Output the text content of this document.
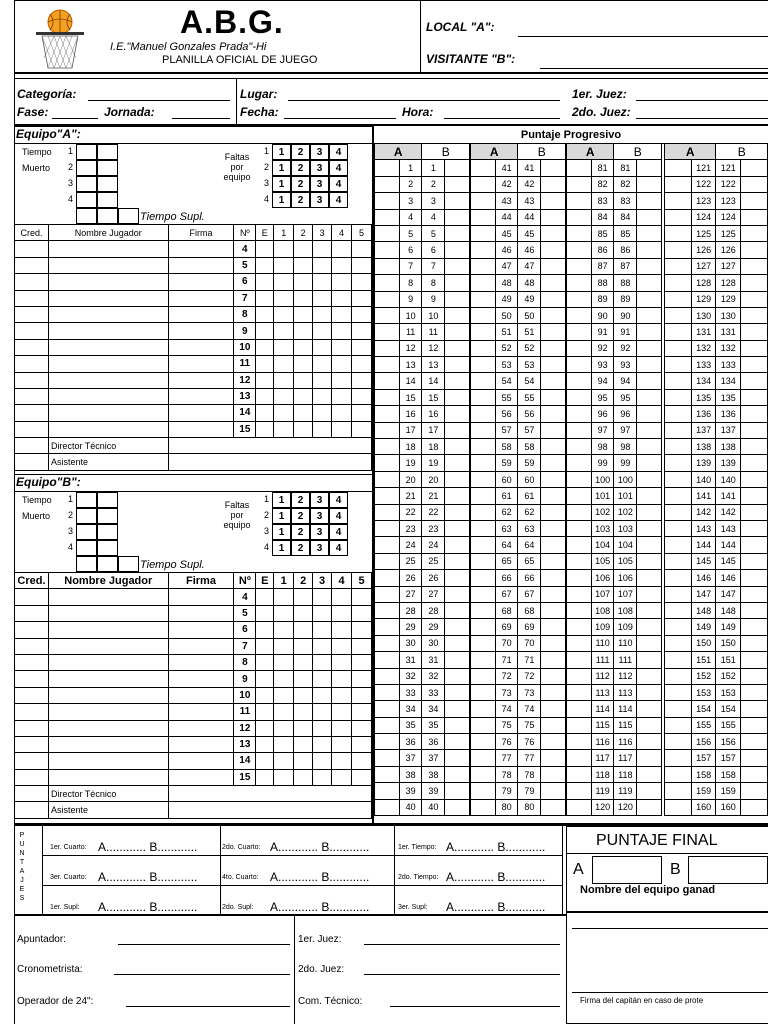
A.B.G.
I.E."Manuel Gonzales Prada"-Hi
PLANILLA OFICIAL DE JUEGO
LOCAL "A":
VISITANTE "B":
Categoría:
Fase:	Jornada:
Lugar:
Fecha:	Hora:
1er. Juez:
2do. Juez:
Equipo"A":
Tiempo
Muerto
1
2
3
4
Tiempo Supl.
Faltas
por
equipo
1 1	2	3	4
2 1	2	3	4
3 1	2	3	4
4 1	2	3	4
Cred.	Nombre Jugador	Firma	Nº	E	1	2	3	4	5
			4						
			5						
			6						
			7						
			8						
			9						
			10						
			11						
			12						
			13						
			14						
			15						
	Director Técnico								
	Asistente								
Equipo"B":
Tiempo
Muerto
1
2
3
4
Tiempo Supl.
Faltas
por
equipo
1 1	2	3	4
2 1	2	3	4
3 1	2	3	4
4 1	2	3	4
Cred.	Nombre Jugador	Firma	Nº	E	1	2	3	4	5
			4						
			5						
			6						
			7						
			8						
			9						
			10						
			11						
			12						
			13						
			14						
			15						
	Director Técnico								
	Asistente								
Puntaje Progresivo
A		B	
	1	1	
	2	2	
	3	3	
	4	4	
	5	5	
	6	6	
	7	7	
	8	8	
	9	9	
	10	10	
	11	11	
	12	12	
	13	13	
	14	14	
	15	15	
	16	16	
	17	17	
	18	18	
	19	19	
	20	20	
	21	21	
	22	22	
	23	23	
	24	24	
	25	25	
	26	26	
	27	27	
	28	28	
	29	29	
	30	30	
	31	31	
	32	32	
	33	33	
	34	34	
	35	35	
	36	36	
	37	37	
	38	38	
	39	39	
	40	40	
A		B	
	41	41	
	42	42	
	43	43	
	44	44	
	45	45	
	46	46	
	47	47	
	48	48	
	49	49	
	50	50	
	51	51	
	52	52	
	53	53	
	54	54	
	55	55	
	56	56	
	57	57	
	58	58	
	59	59	
	60	60	
	61	61	
	62	62	
	63	63	
	64	64	
	65	65	
	66	66	
	67	67	
	68	68	
	69	69	
	70	70	
	71	71	
	72	72	
	73	73	
	74	74	
	75	75	
	76	76	
	77	77	
	78	78	
	79	79	
	80	80	
A		B	
	81	81	
	82	82	
	83	83	
	84	84	
	85	85	
	86	86	
	87	87	
	88	88	
	89	89	
	90	90	
	91	91	
	92	92	
	93	93	
	94	94	
	95	95	
	96	96	
	97	97	
	98	98	
	99	99	
	100	100	
	101	101	
	102	102	
	103	103	
	104	104	
	105	105	
	106	106	
	107	107	
	108	108	
	109	109	
	110	110	
	111	111	
	112	112	
	113	113	
	114	114	
	115	115	
	116	116	
	117	117	
	118	118	
	119	119	
	120	120	
A		B	
	121	121	
	122	122	
	123	123	
	124	124	
	125	125	
	126	126	
	127	127	
	128	128	
	129	129	
	130	130	
	131	131	
	132	132	
	133	133	
	134	134	
	135	135	
	136	136	
	137	137	
	138	138	
	139	139	
	140	140	
	141	141	
	142	142	
	143	143	
	144	144	
	145	145	
	146	146	
	147	147	
	148	148	
	149	149	
	150	150	
	151	151	
	152	152	
	153	153	
	154	154	
	155	155	
	156	156	
	157	157	
	158	158	
	159	159	
	160	160	
P
U
N
T
A
J
E
S
1er. Cuarto: A............ B............	2do. Cuarto: A............ B............	1er. Tiempo: A............ B............
3er. Cuarto: A............ B............	4to. Cuarto: A............ B............	2do. Tiempo: A............ B............
1er. Supl: A............ B............	2do. Supl: A............ B............	3er. Supl: A............ B............
Apuntador:
Cronometrista:
Operador de 24":
1er. Juez:
2do. Juez:
Com. Técnico:
PUNTAJE FINAL
A	B
Nombre del equipo ganad
Firma del capitán en caso de prote
